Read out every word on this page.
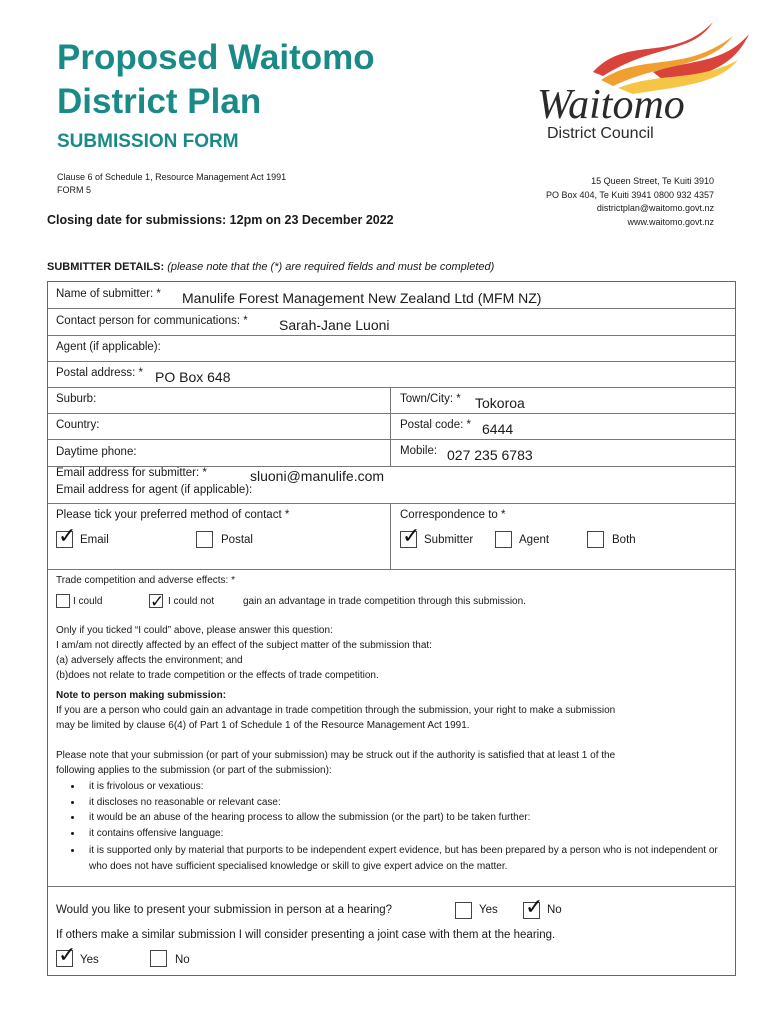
Proposed Waitomo
District Plan
SUBMISSION FORM
Clause 6 of Schedule 1, Resource Management Act 1991
FORM 5
Closing date for submissions: 12pm on 23 December 2022
Waitomo
District Council
15 Queen Street, Te Kuiti 3910
PO Box 404, Te Kuiti 3941 0800 932 4357
districtplan@waitomo.govt.nz
www.waitomo.govt.nz
SUBMITTER DETAILS: (please note that the (*) are required fields and must be completed)
Name of submitter: * Manulife Forest Management New Zealand Ltd (MFM NZ)
Contact person for communications: * Sarah-Jane Luoni
Agent (if applicable):
Postal address: * PO Box 648
Suburb:	Town/City: * Tokoroa
Country:	Postal code: * 6444
Daytime phone:	Mobile: 027 235 6783
Email address for submitter: *	sluoni@manulife.com
Email address for agent (if applicable):
Please tick your preferred method of contact *
✓ Email	Postal
Correspondence to *
✓ Submitter	Agent	Both
Trade competition and adverse effects: *
I could	✓ I could not	gain an advantage in trade competition through this submission.
Only if you ticked “I could” above, please answer this question:
I am/am not directly affected by an effect of the subject matter of the submission that:
(a) adversely affects the environment; and
(b)does not relate to trade competition or the effects of trade competition.
Note to person making submission:
If you are a person who could gain an advantage in trade competition through the submission, your right to make a submission
may be limited by clause 6(4) of Part 1 of Schedule 1 of the Resource Management Act 1991.
Please note that your submission (or part of your submission) may be struck out if the authority is satisfied that at least 1 of the
following applies to the submission (or part of the submission):
• it is frivolous or vexatious:
• it discloses no reasonable or relevant case:
• it would be an abuse of the hearing process to allow the submission (or the part) to be taken further:
• it contains offensive language:
• it is supported only by material that purports to be independent expert evidence, but has been prepared by a person who is not independent or who does not have sufficient specialised knowledge or skill to give expert advice on the matter.
Would you like to present your submission in person at a hearing?	Yes ✓ No
If others make a similar submission I will consider presenting a joint case with them at the hearing.
✓ Yes	No
